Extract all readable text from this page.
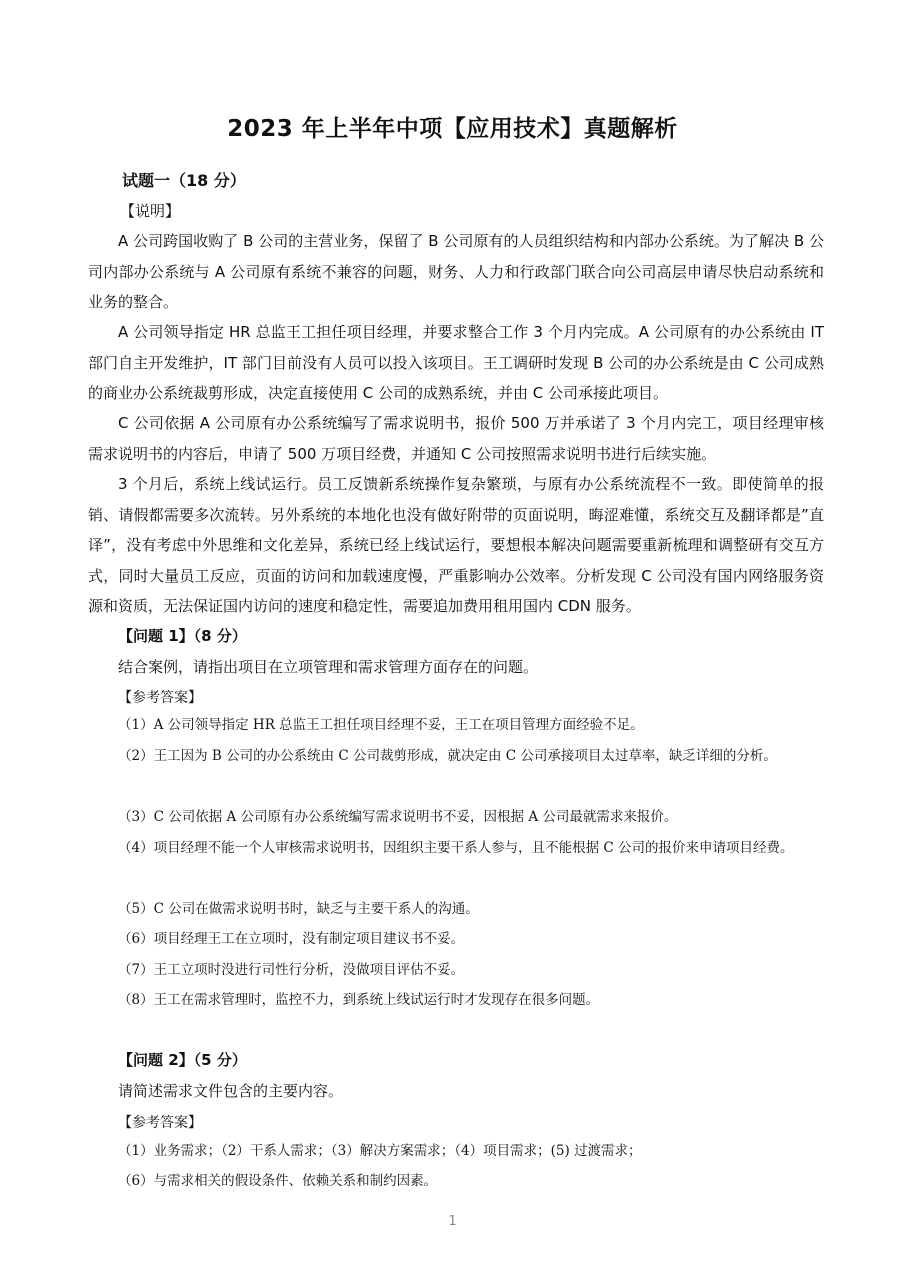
2023 年上半年中项【应用技术】真题解析
试题一（18 分）
【说明】

A 公司跨国收购了 B 公司的主营业务，保留了 B 公司原有的人员组织结构和内部办公系统。为了解决 B 公司内部办公系统与 A 公司原有系统不兼容的问题，财务、人力和行政部门联合向公司高层申请尽快启动系统和业务的整合。

A 公司领导指定 HR 总监王工担任项目经理，并要求整合工作 3 个月内完成。A 公司原有的办公系统由 IT 部门自主开发维护，IT 部门目前没有人员可以投入该项目。王工调研时发现 B 公司的办公系统是由 C 公司成熟的商业办公系统裁剪形成，决定直接使用 C 公司的成熟系统，并由 C 公司承接此项目。

C 公司依据 A 公司原有办公系统编写了需求说明书，报价 500 万并承诺了 3 个月内完工，项目经理审核需求说明书的内容后，申请了 500 万项目经费，并通知 C 公司按照需求说明书进行后续实施。

3 个月后，系统上线试运行。员工反馈新系统操作复杂繁琐，与原有办公系统流程不一致。即使简单的报销、请假都需要多次流转。另外系统的本地化也没有做好附带的页面说明，晦涩难懂，系统交互及翻译都是”直译”，没有考虑中外思维和文化差异，系统已经上线试运行，要想根本解决问题需要重新梳理和调整研有交互方式，同时大量员工反应，页面的访问和加载速度慢，严重影响办公效率。分析发现 C 公司没有国内网络服务资源和资质，无法保证国内访问的速度和稳定性，需要追加费用租用国内 CDN 服务。

【问题 1】（8 分）
结合案例，请指出项目在立项管理和需求管理方面存在的问题。
【参考答案】

（1）A 公司领导指定 HR 总监王工担任项目经理不妥，王工在项目管理方面经验不足。

（2）王工因为 B 公司的办公系统由 C 公司裁剪形成，就决定由 C 公司承接项目太过草率，缺乏详细的分析。

（3）C 公司依据 A 公司原有办公系统编写需求说明书不妥，因根据 A 公司最就需求来报价。

（4）项目经理不能一个人审核需求说明书，因组织主要干系人参与，且不能根据 C 公司的报价来申请项目经费。

（5）C 公司在做需求说明书时，缺乏与主要干系人的沟通。

（6）项目经理王工在立项时，没有制定项目建议书不妥。

（7）王工立项时没进行司性行分析，没做项目评估不妥。

（8）王工在需求管理时，监控不力，到系统上线试运行时才发现存在很多问题。

【问题 2】（5 分）
请简述需求文件包含的主要内容。
【参考答案】

（1）业务需求；（2）干系人需求；（3）解决方案需求；（4）项目需求；(5) 过渡需求；

（6）与需求相关的假设条件、依赖关系和制约因素。

1
